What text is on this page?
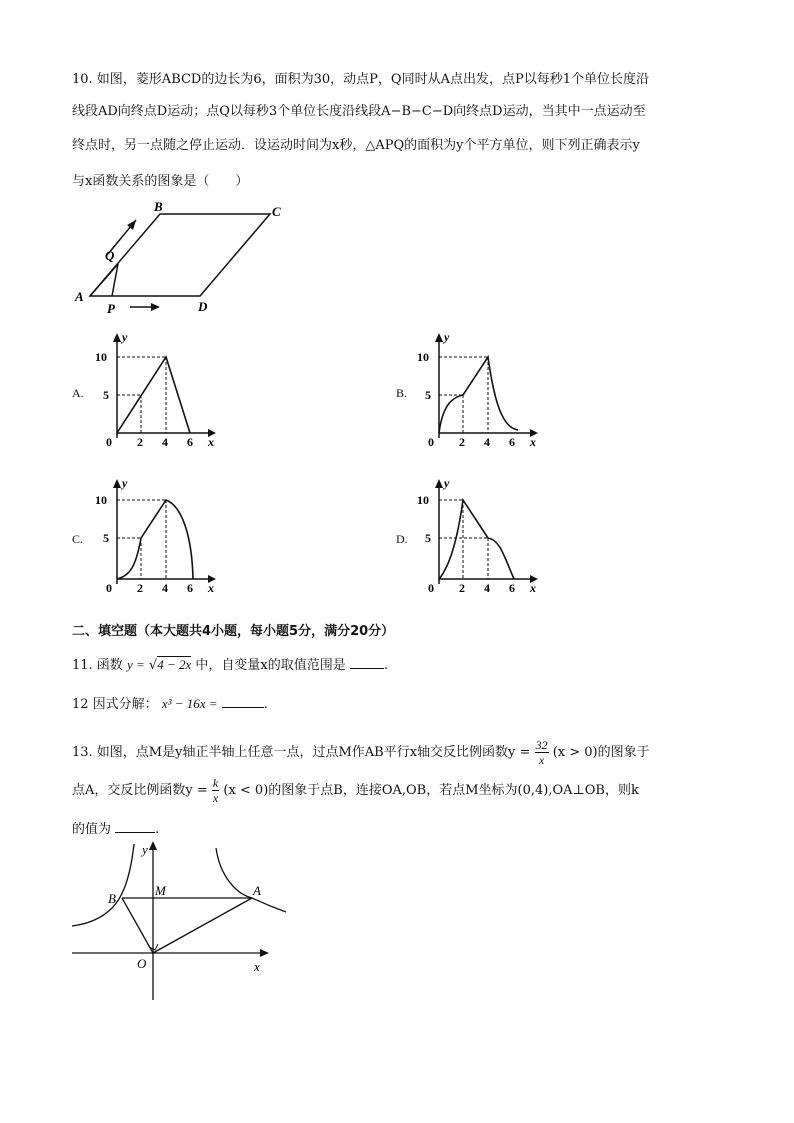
10. 如图，菱形ABCD的边长为6，面积为30，动点P，Q同时从A点出发，点P以每秒1个单位长度沿
线段AD向终点D运动；点Q以每秒3个单位长度沿线段A−B−C−D向终点D运动，当其中一点运动至
终点时，另一点随之停止运动．设运动时间为x秒，△APQ的面积为y个平方单位，则下列正确表示y
与x函数关系的图象是（　　）
B	C
A
D
P
Q
A.	B.
C.	D.
y
x
10
5
0 2 4 6
y
x
10
5
0 2 4 6
y
x
10
5
0 2 4 6
y
x
10
5
0 2 4 6
二、填空题（本大题共4小题，每小题5分，满分20分）
11. 函数 y = √4 − 2x 中，自变量x的取值范围是	.
12 因式分解： x³ − 16x =	.
13. 如图，点M是y轴正半轴上任意一点，过点M作AB平行x轴交反比例函数$y = \frac{32}{x} (x > 0)$的图象于
点A，交反比例函数$y = \frac{k}{x} (x < 0)$的图象于点B，连接OA,OB，若点M坐标为(0,4),OA⊥OB，则k
的值为	.
y
x
B
M	A
O
